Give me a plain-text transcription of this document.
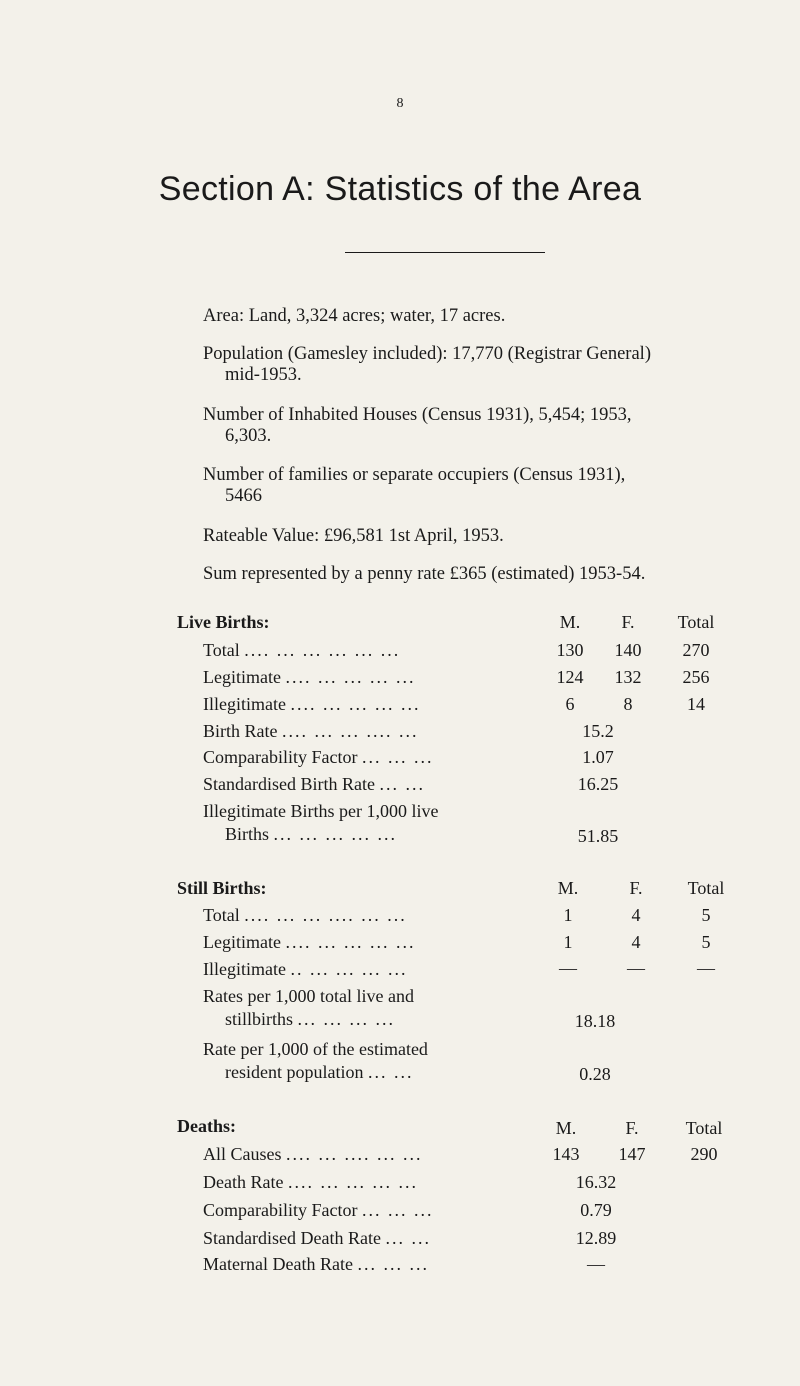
8
Section A: Statistics of the Area

Area: Land, 3,324 acres; water, 17 acres.

Population (Gamesley included): 17,770 (Registrar General)

mid-1953.

Number of Inhabited Houses (Census 1931), 5,454; 1953,

6,303.

Number of families or separate occupiers (Census 1931),

5466

Rateable Value: £96,581 1st April, 1953.

Sum represented by a penny rate £365 (estimated) 1953-54.

Live Births:	M.	F.	Total
Total .... ... ... ... ... ...	130	140	270
Legitimate .... ... ... ... ...	124	132	256
Illegitimate .... ... ... ... ...	6	8	14
Birth Rate .... ... ... .... ...	15.2
Comparability Factor ... ... ...	1.07
Standardised Birth Rate ... ...	16.25
Illegitimate Births per 1,000 live
Births ... ... ... ... ...	51.85
Still Births:	M.	F.	Total
Total .... ... ... .... ... ...	1	4	5
Legitimate .... ... ... ... ...	1	4	5
Illegitimate .. ... ... ... ...	—	—	—
Rates per 1,000 total live and
stillbirths ... ... ... ...	18.18
Rate per 1,000 of the estimated
resident population ... ...	0.28
Deaths:	M.	F.	Total
All Causes .... ... .... ... ...	143	147	290
Death Rate .... ... ... ... ...	16.32
Comparability Factor ... ... ...	0.79
Standardised Death Rate ... ...	12.89
Maternal Death Rate ... ... ...	—
